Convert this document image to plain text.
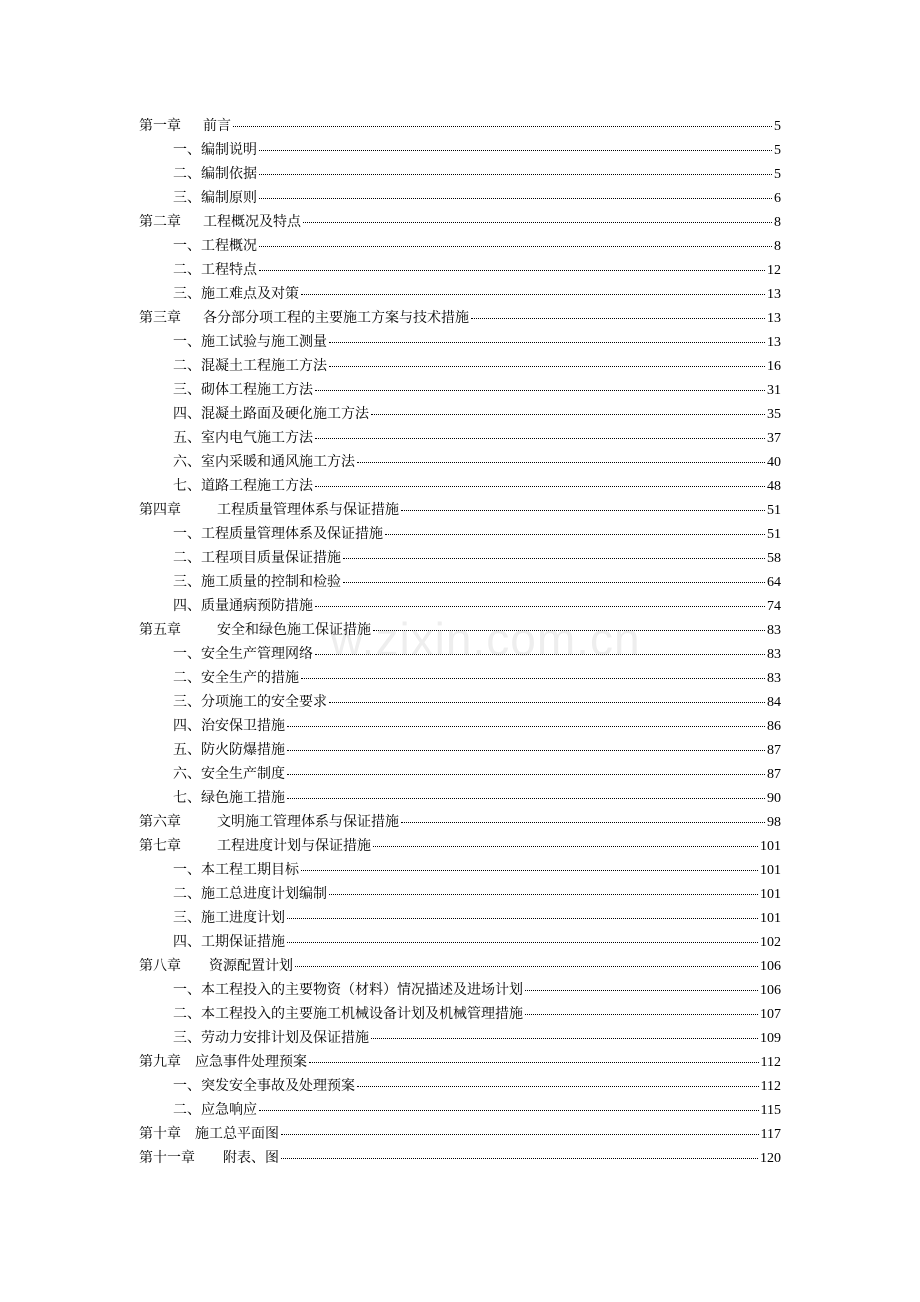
第一章 前言	5
一、编制说明	5
二、编制依据	5
三、编制原则	6
第二章 工程概况及特点	8
一、工程概况	8
二、工程特点	12
三、施工难点及对策	13
第三章 各分部分项工程的主要施工方案与技术措施	13
一、施工试验与施工测量	13
二、混凝土工程施工方法	16
三、砌体工程施工方法	31
四、混凝土路面及硬化施工方法	35
五、室内电气施工方法	37
六、室内采暖和通风施工方法	40
七、道路工程施工方法	48
第四章	工程质量管理体系与保证措施	51
一、工程质量管理体系及保证措施	51
二、工程项目质量保证措施	58
三、施工质量的控制和检验	64
四、质量通病预防措施	74
第五章	安全和绿色施工保证措施	83
一、安全生产管理网络	83
二、安全生产的措施	83
三、分项施工的安全要求	84
四、治安保卫措施	86
五、防火防爆措施	87
六、安全生产制度	87
七、绿色施工措施	90
第六章	文明施工管理体系与保证措施	98
第七章	工程进度计划与保证措施	101
一、本工程工期目标	101
二、施工总进度计划编制	101
三、施工进度计划	101
四、工期保证措施	102
第八章 资源配置计划	106
一、本工程投入的主要物资（材料）情况描述及进场计划	106
二、本工程投入的主要施工机械设备计划及机械管理措施	107
三、劳动力安排计划及保证措施	109
第九章 应急事件处理预案	112
一、突发安全事故及处理预案	112
二、应急响应	115
第十章 施工总平面图	117
第十一章 附表、图	120
w.zixin.com.cn
